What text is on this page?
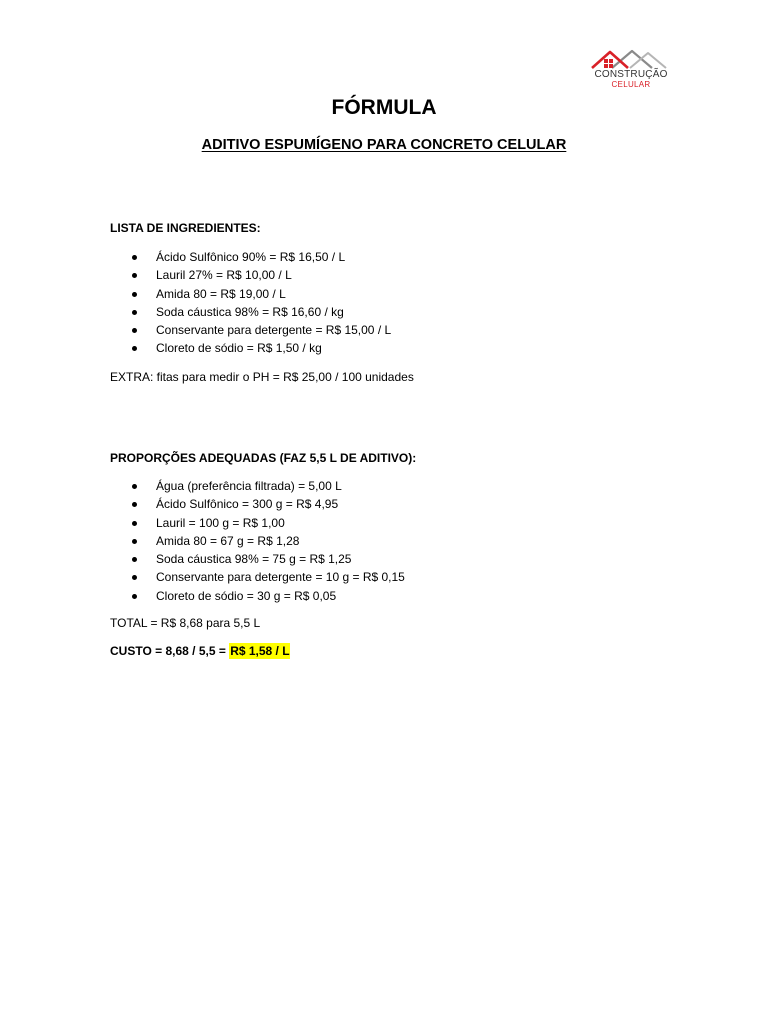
CONSTRUÇÃO
CELULAR
FÓRMULA
ADITIVO ESPUMÍGENO PARA CONCRETO CELULAR

LISTA DE INGREDIENTES:

Ácido Sulfônico 90% = R$ 16,50 / L
Lauril 27% = R$ 10,00 / L
Amida 80 = R$ 19,00 / L
Soda cáustica 98% = R$ 16,60 / kg
Conservante para detergente = R$ 15,00 / L
Cloreto de sódio = R$ 1,50 / kg

EXTRA: fitas para medir o PH = R$ 25,00 / 100 unidades

PROPORÇÕES ADEQUADAS (FAZ 5,5 L DE ADITIVO):

Água (preferência filtrada) = 5,00 L
Ácido Sulfônico = 300 g = R$ 4,95
Lauril = 100 g = R$ 1,00
Amida 80 = 67 g = R$ 1,28
Soda cáustica 98% = 75 g = R$ 1,25
Conservante para detergente = 10 g = R$ 0,15
Cloreto de sódio = 30 g = R$ 0,05

TOTAL = R$ 8,68 para 5,5 L

CUSTO = 8,68 / 5,5 = R$ 1,58 / L
